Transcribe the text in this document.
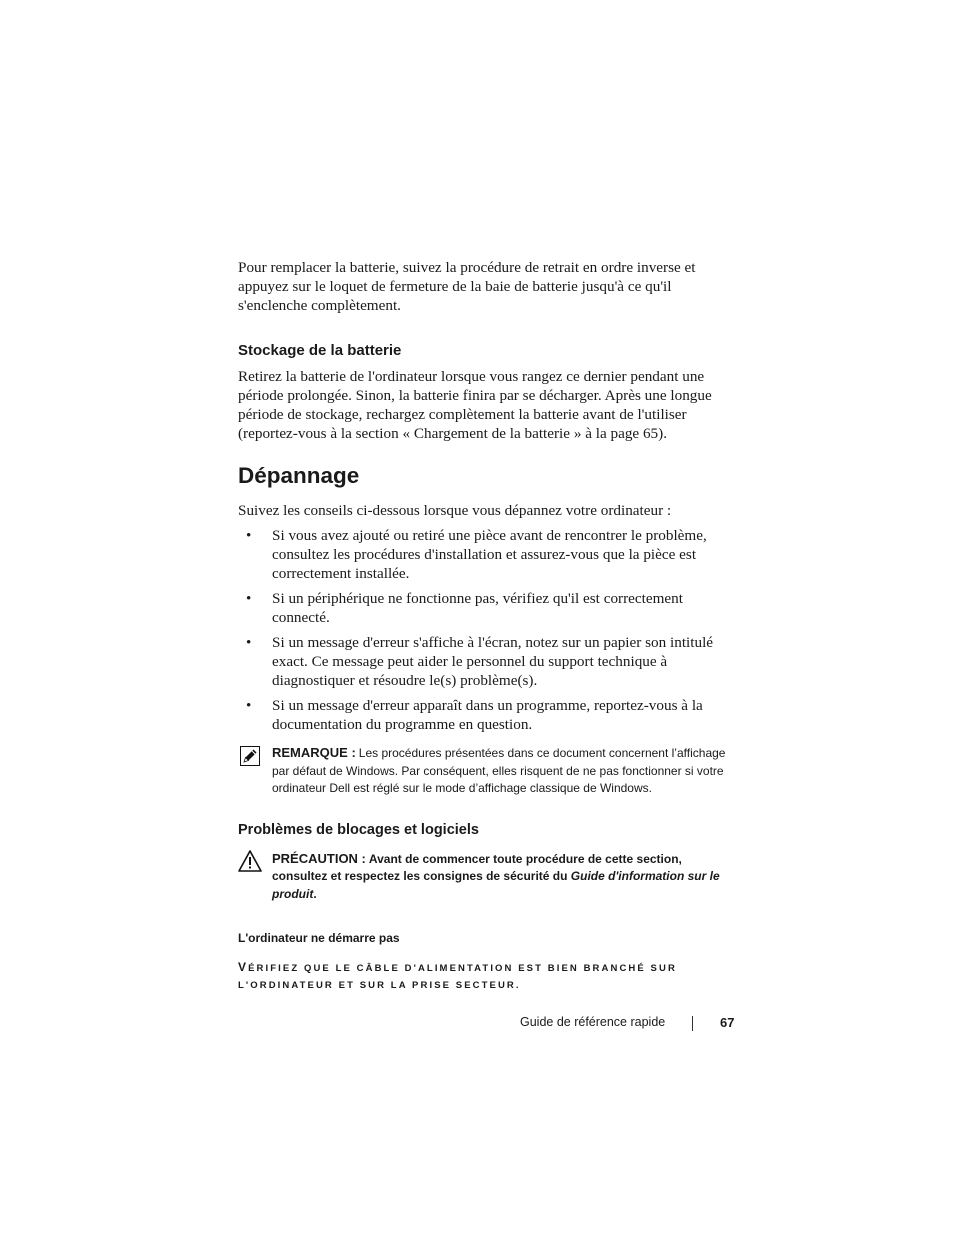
Pour remplacer la batterie, suivez la procédure de retrait en ordre inverse et appuyez sur le loquet de fermeture de la baie de batterie jusqu'à ce qu'il s'enclenche complètement.

Stockage de la batterie

Retirez la batterie de l'ordinateur lorsque vous rangez ce dernier pendant une période prolongée. Sinon, la batterie finira par se décharger. Après une longue période de stockage, rechargez complètement la batterie avant de l'utiliser (reportez-vous à la section « Chargement de la batterie » à la page 65).

Dépannage

Suivez les conseils ci-dessous lorsque vous dépannez votre ordinateur :

• Si vous avez ajouté ou retiré une pièce avant de rencontrer le problème, consultez les procédures d'installation et assurez-vous que la pièce est correctement installée.
• Si un périphérique ne fonctionne pas, vérifiez qu'il est correctement connecté.
• Si un message d'erreur s'affiche à l'écran, notez sur un papier son intitulé exact. Ce message peut aider le personnel du support technique à diagnostiquer et résoudre le(s) problème(s).
• Si un message d'erreur apparaît dans un programme, reportez-vous à la documentation du programme en question.
REMARQUE : Les procédures présentées dans ce document concernent l’affichage par défaut de Windows. Par conséquent, elles risquent de ne pas fonctionner si votre ordinateur Dell est réglé sur le mode d’affichage classique de Windows.
Problèmes de blocages et logiciels
PRÉCAUTION : Avant de commencer toute procédure de cette section, consultez et respectez les consignes de sécurité du Guide d'information sur le produit.
L'ordinateur ne démarre pas

VÉRIFIEZ QUE LE CÂBLE D'ALIMENTATION EST BIEN BRANCHÉ SUR L'ORDINATEUR ET SUR LA PRISE SECTEUR.

Guide de référence rapide	67
